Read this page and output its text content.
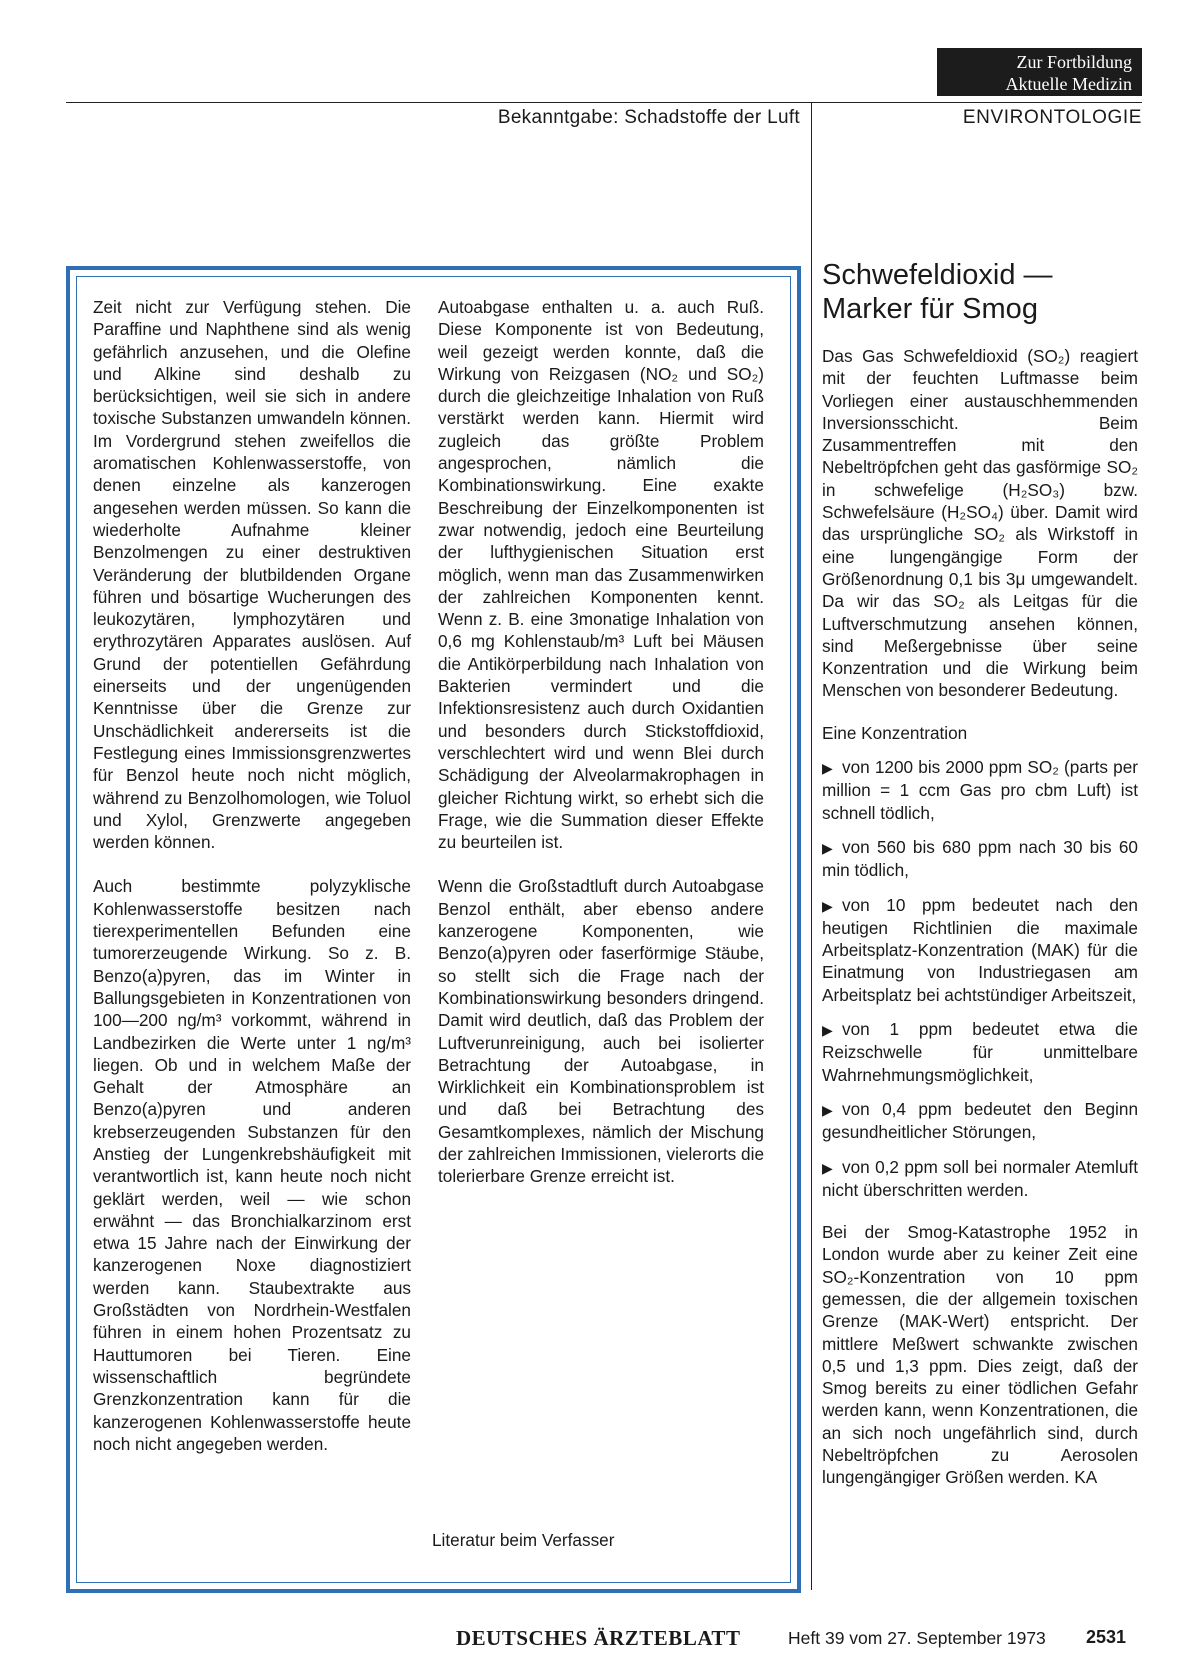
Zur Fortbildung
Aktuelle Medizin
Bekanntgabe: Schadstoffe der Luft	ENVIRONTOLOGIE

Zeit nicht zur Verfügung stehen. Die Paraffine und Naphthene sind als wenig gefährlich anzusehen, und die Olefine und Alkine sind deshalb zu berücksichtigen, weil sie sich in andere toxische Substanzen umwandeln können. Im Vordergrund stehen zweifellos die aromatischen Kohlenwasserstoffe, von denen einzelne als kanzerogen angesehen werden müssen. So kann die wiederholte Aufnahme kleiner Benzolmengen zu einer destruktiven Veränderung der blutbildenden Organe führen und bösartige Wucherungen des leukozytären, lymphozytären und erythrozytären Apparates auslösen. Auf Grund der potentiellen Gefährdung einerseits und der ungenügenden Kenntnisse über die Grenze zur Unschädlichkeit andererseits ist die Festlegung eines Immissionsgrenzwertes für Benzol heute noch nicht möglich, während zu Benzolhomologen, wie Toluol und Xylol, Grenzwerte angegeben werden können.

Auch bestimmte polyzyklische Kohlenwasserstoffe besitzen nach tierexperimentellen Befunden eine tumorerzeugende Wirkung. So z. B. Benzo(a)pyren, das im Winter in Ballungsgebieten in Konzentrationen von 100—200 ng/m³ vorkommt, während in Landbezirken die Werte unter 1 ng/m³ liegen. Ob und in welchem Maße der Gehalt der Atmosphäre an Benzo(a)pyren und anderen krebserzeugenden Substanzen für den Anstieg der Lungenkrebshäufigkeit mit verantwortlich ist, kann heute noch nicht geklärt werden, weil — wie schon erwähnt — das Bronchialkarzinom erst etwa 15 Jahre nach der Einwirkung der kanzerogenen Noxe diagnostiziert werden kann. Staubextrakte aus Großstädten von Nordrhein-Westfalen führen in einem hohen Prozentsatz zu Hauttumoren bei Tieren. Eine wissenschaftlich begründete Grenzkonzentration kann für die kanzerogenen Kohlenwasserstoffe heute noch nicht angegeben werden.

Autoabgase enthalten u. a. auch Ruß. Diese Komponente ist von Bedeutung, weil gezeigt werden konnte, daß die Wirkung von Reizgasen (NO₂ und SO₂) durch die gleichzeitige Inhalation von Ruß verstärkt werden kann. Hiermit wird zugleich das größte Problem angesprochen, nämlich die Kombinationswirkung. Eine exakte Beschreibung der Einzelkomponenten ist zwar notwendig, jedoch eine Beurteilung der lufthygienischen Situation erst möglich, wenn man das Zusammenwirken der zahlreichen Komponenten kennt. Wenn z. B. eine 3monatige Inhalation von 0,6 mg Kohlenstaub/m³ Luft bei Mäusen die Antikörperbildung nach Inhalation von Bakterien vermindert und die Infektionsresistenz auch durch Oxidantien und besonders durch Stickstoffdioxid, verschlechtert wird und wenn Blei durch Schädigung der Alveolarmakrophagen in gleicher Richtung wirkt, so erhebt sich die Frage, wie die Summation dieser Effekte zu beurteilen ist.

Wenn die Großstadtluft durch Autoabgase Benzol enthält, aber ebenso andere kanzerogene Komponenten, wie Benzo(a)pyren oder faserförmige Stäube, so stellt sich die Frage nach der Kombinationswirkung besonders dringend. Damit wird deutlich, daß das Problem der Luftverunreinigung, auch bei isolierter Betrachtung der Autoabgase, in Wirklichkeit ein Kombinationsproblem ist und daß bei Betrachtung des Gesamtkomplexes, nämlich der Mischung der zahlreichen Immissionen, vielerorts die tolerierbare Grenze erreicht ist.

Literatur beim Verfasser
Schwefeldioxid —
Marker für Smog

Das Gas Schwefeldioxid (SO₂) reagiert mit der feuchten Luftmasse beim Vorliegen einer austauschhemmenden Inversionsschicht. Beim Zusammentreffen mit den Nebeltröpfchen geht das gasförmige SO₂ in schwefelige (H₂SO₃) bzw. Schwefelsäure (H₂SO₄) über. Damit wird das ursprüngliche SO₂ als Wirkstoff in eine lungengängige Form der Größenordnung 0,1 bis 3μ umgewandelt. Da wir das SO₂ als Leitgas für die Luftverschmutzung ansehen können, sind Meßergebnisse über seine Konzentration und die Wirkung beim Menschen von besonderer Bedeutung.

Eine Konzentration

▶ von 1200 bis 2000 ppm SO₂ (parts per million = 1 ccm Gas pro cbm Luft) ist schnell tödlich,

▶ von 560 bis 680 ppm nach 30 bis 60 min tödlich,

▶ von 10 ppm bedeutet nach den heutigen Richtlinien die maximale Arbeitsplatz-Konzentration (MAK) für die Einatmung von Industriegasen am Arbeitsplatz bei achtstündiger Arbeitszeit,

▶ von 1 ppm bedeutet etwa die Reizschwelle für unmittelbare Wahrnehmungsmöglichkeit,

▶ von 0,4 ppm bedeutet den Beginn gesundheitlicher Störungen,

▶ von 0,2 ppm soll bei normaler Atemluft nicht überschritten werden.

Bei der Smog-Katastrophe 1952 in London wurde aber zu keiner Zeit eine SO₂-Konzentration von 10 ppm gemessen, die der allgemein toxischen Grenze (MAK-Wert) entspricht. Der mittlere Meßwert schwankte zwischen 0,5 und 1,3 ppm. Dies zeigt, daß der Smog bereits zu einer tödlichen Gefahr werden kann, wenn Konzentrationen, die an sich noch ungefährlich sind, durch Nebeltröpfchen zu Aerosolen lungengängiger Größen werden. KA

DEUTSCHES ÄRZTEBLATT	Heft 39 vom 27. September 1973 2531
